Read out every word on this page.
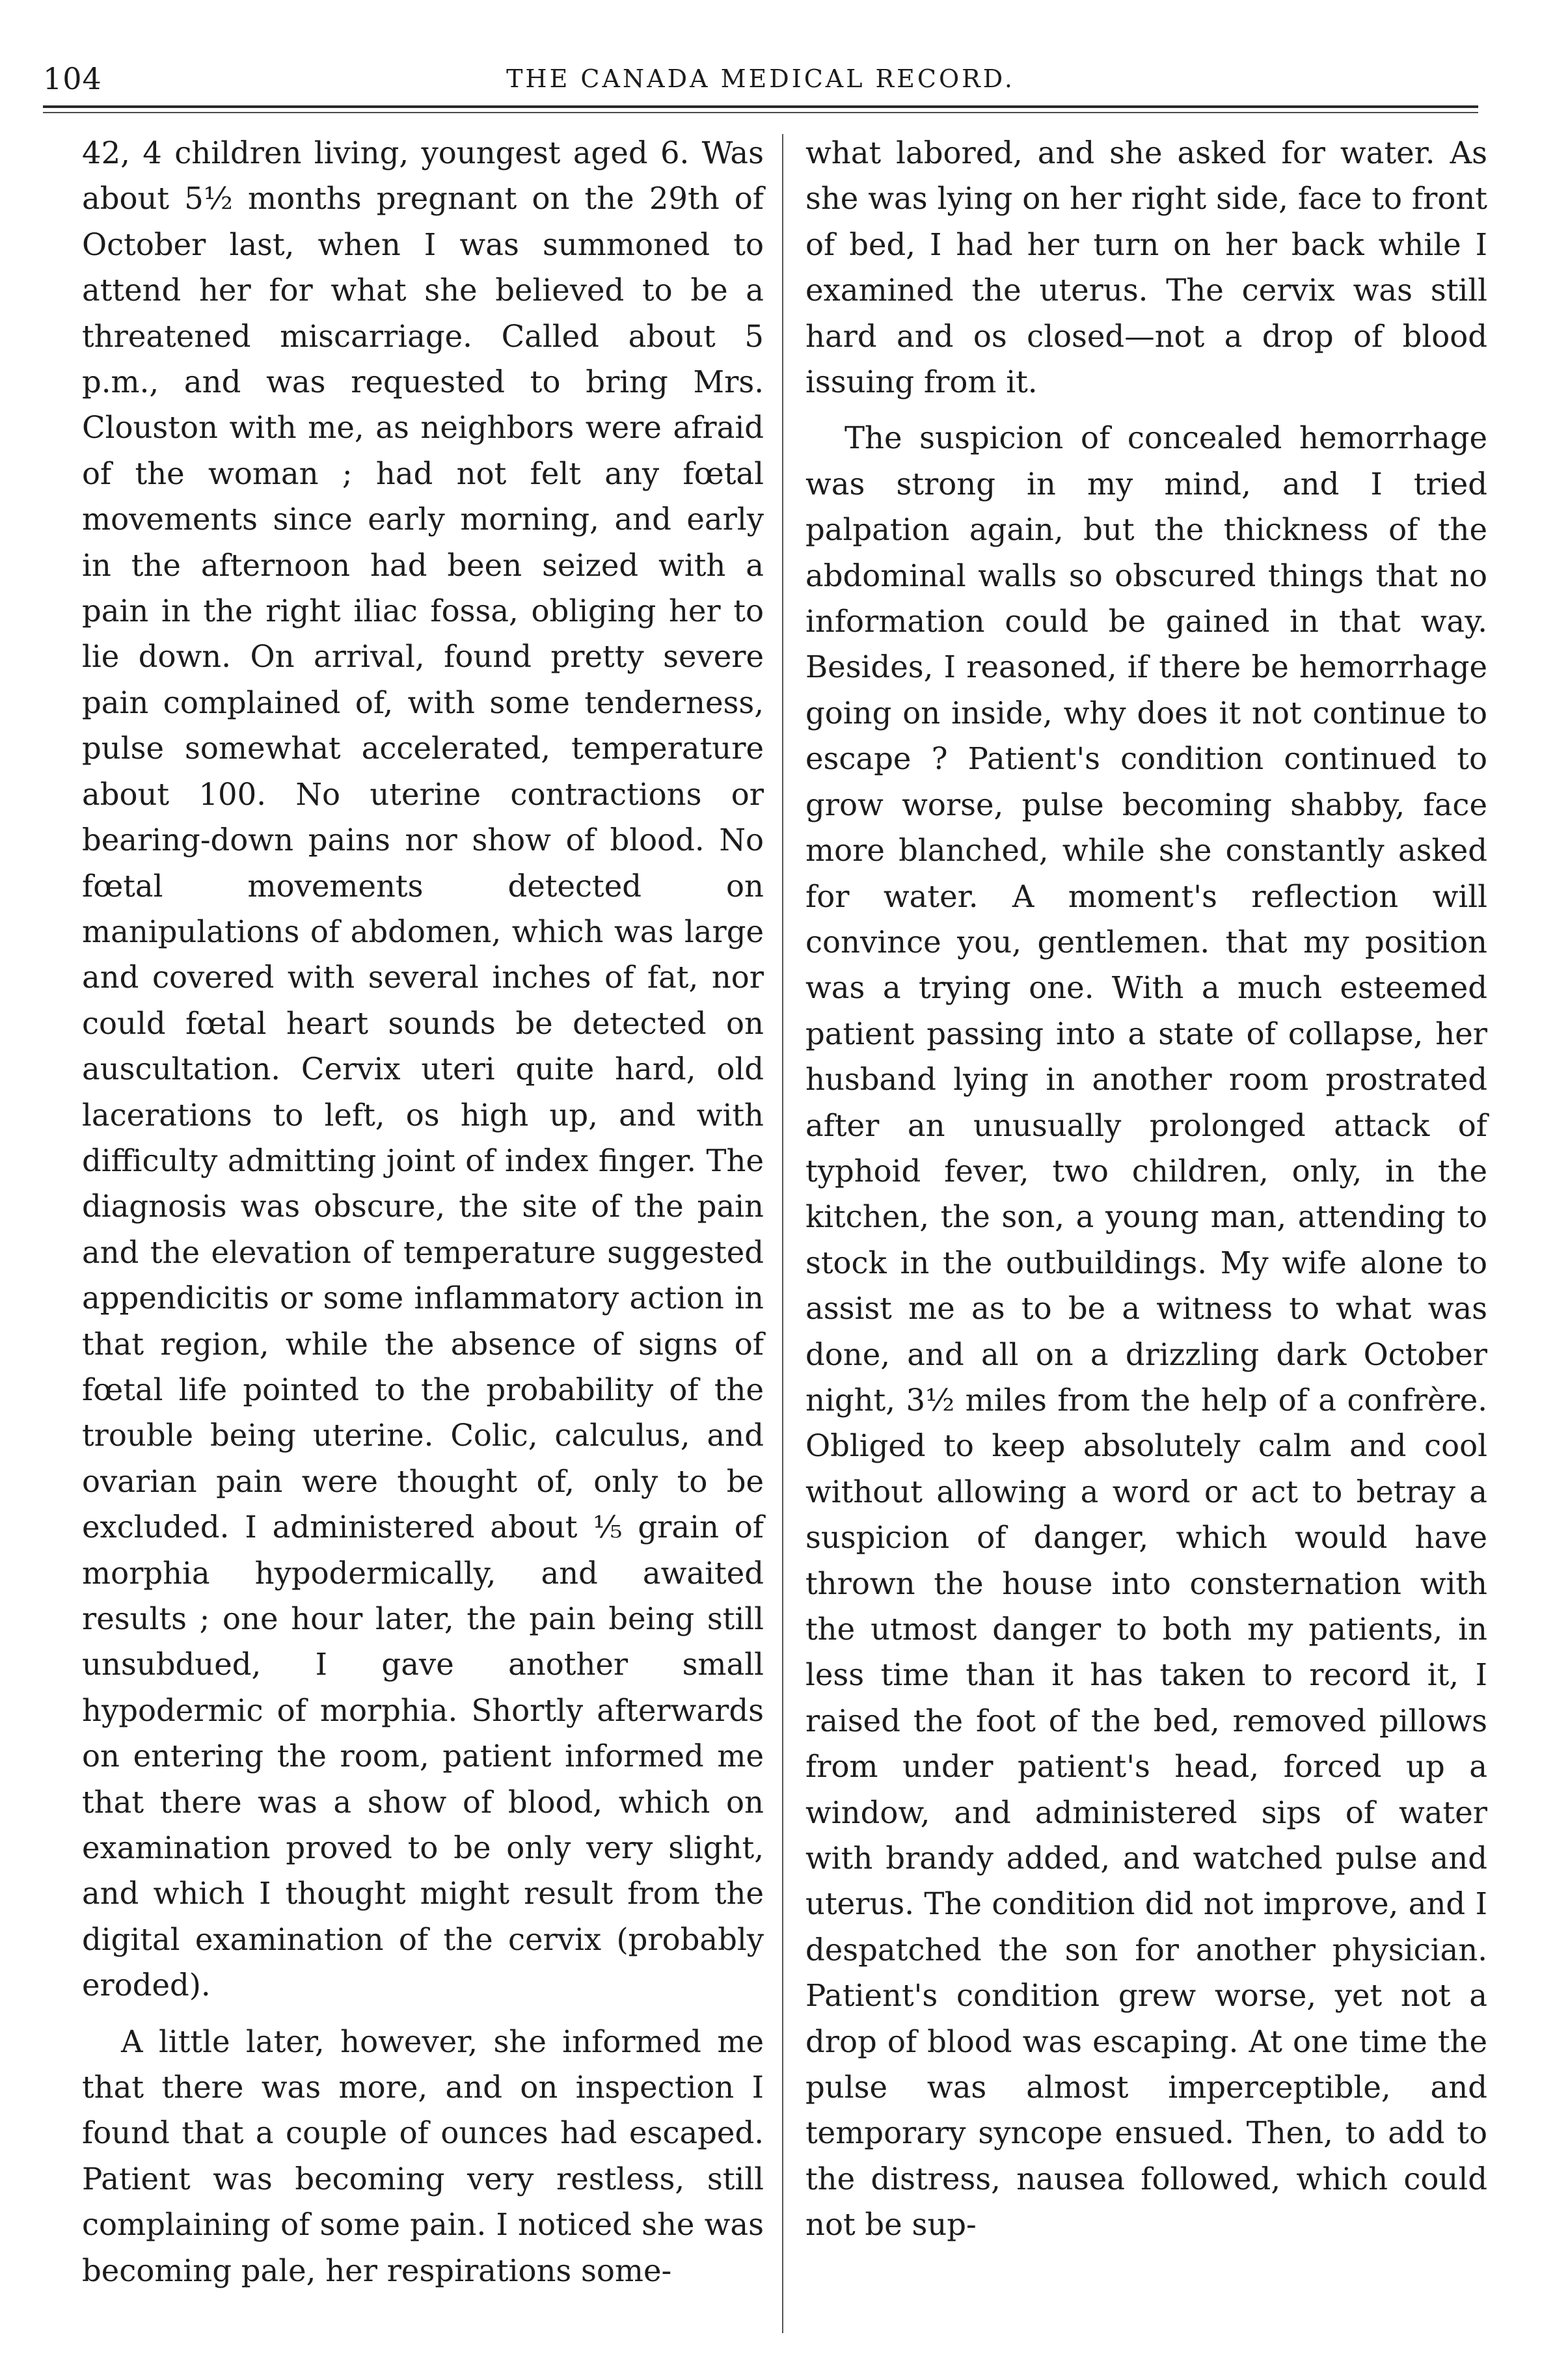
104	THE CANADA MEDICAL RECORD.

42, 4 children living, youngest aged 6. Was about 5½ months pregnant on the 29th of October last, when I was summoned to attend her for what she believed to be a threatened miscarriage. Called about 5 p.m., and was requested to bring Mrs. Clouston with me, as neighbors were afraid of the woman ; had not felt any fœtal movements since early morning, and early in the afternoon had been seized with a pain in the right iliac fossa, obliging her to lie down. On arrival, found pretty severe pain complained of, with some tenderness, pulse somewhat accelerated, temperature about 100. No uterine contractions or bearing-down pains nor show of blood. No fœtal movements detected on manipulations of abdomen, which was large and covered with several inches of fat, nor could fœtal heart sounds be detected on auscultation. Cervix uteri quite hard, old lacerations to left, os high up, and with difficulty admitting joint of index finger. The diagnosis was obscure, the site of the pain and the elevation of temperature suggested appendicitis or some inflammatory action in that region, while the absence of signs of fœtal life pointed to the probability of the trouble being uterine. Colic, calculus, and ovarian pain were thought of, only to be excluded. I administered about ⅕ grain of morphia hypodermically, and awaited results ; one hour later, the pain being still unsubdued, I gave another small hypodermic of morphia. Shortly afterwards on entering the room, patient informed me that there was a show of blood, which on examination proved to be only very slight, and which I thought might result from the digital examination of the cervix (probably eroded).

A little later, however, she informed me that there was more, and on inspection I found that a couple of ounces had escaped. Patient was becoming very restless, still complaining of some pain. I noticed she was becoming pale, her respirations some-

what labored, and she asked for water. As she was lying on her right side, face to front of bed, I had her turn on her back while I examined the uterus. The cervix was still hard and os closed—not a drop of blood issuing from it.

The suspicion of concealed hemorrhage was strong in my mind, and I tried palpation again, but the thickness of the abdominal walls so obscured things that no information could be gained in that way. Besides, I reasoned, if there be hemorrhage going on inside, why does it not continue to escape ? Patient's condition continued to grow worse, pulse becoming shabby, face more blanched, while she constantly asked for water. A moment's reflection will convince you, gentlemen. that my position was a trying one. With a much esteemed patient passing into a state of collapse, her husband lying in another room prostrated after an unusually prolonged attack of typhoid fever, two children, only, in the kitchen, the son, a young man, attending to stock in the outbuildings. My wife alone to assist me as to be a witness to what was done, and all on a drizzling dark October night, 3½ miles from the help of a confrère. Obliged to keep absolutely calm and cool without allowing a word or act to betray a suspicion of danger, which would have thrown the house into consternation with the utmost danger to both my patients, in less time than it has taken to record it, I raised the foot of the bed, removed pillows from under patient's head, forced up a window, and administered sips of water with brandy added, and watched pulse and uterus. The condition did not improve, and I despatched the son for another physician. Patient's condition grew worse, yet not a drop of blood was escaping. At one time the pulse was almost imperceptible, and temporary syncope ensued. Then, to add to the distress, nausea followed, which could not be sup-
